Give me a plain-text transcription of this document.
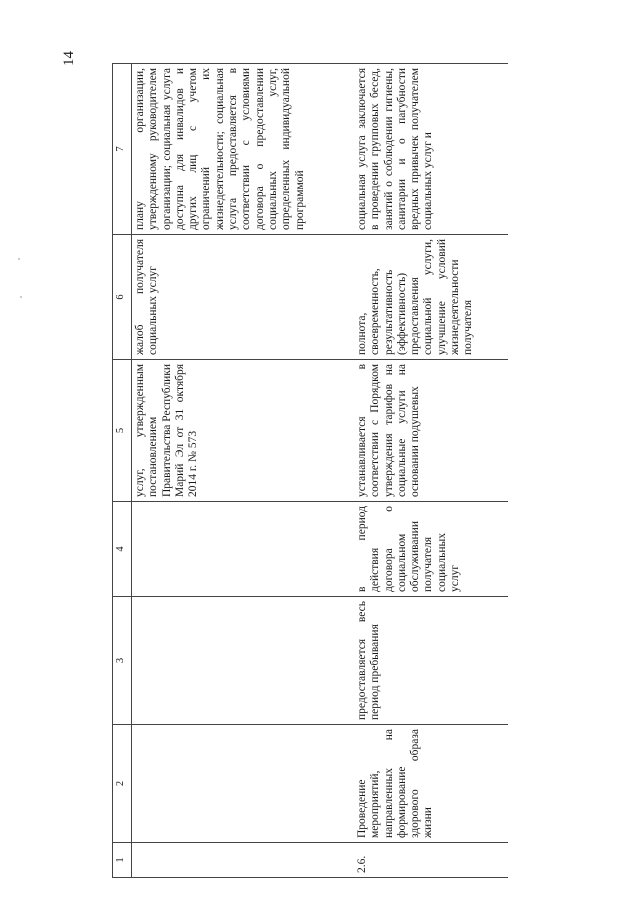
14
1	2	3	4	5	6	7

				услуг, утвержденным постановлением Правительства Республики Марий Эл от 31 октября 2014 г. № 573	жалоб получателя социальных услуг	плану организации, утвержденному руководителем организации; социальная услуга доступна для инвалидов и других лиц с учетом ограничений их жизнедеятельности; социальная услуга предоставляется в соответствии с условиями договора о предоставлении социальных услуг, определенных индивидуальной программой

2.6.	Проведение мероприятий, направленных на формирование здорового образа жизни	предоставляется весь период пребывания	в период действия договора о социальном обслуживании получателя социальных услуг	устанавливается в соответствии с Порядком утверждения тарифов на социальные услуги на основании подушевых	полнота, своевременность, результативность (эффективность) предоставления социальной услуги, улучшение условий жизнедеятельности получателя	социальная услуга заключается в проведении групповых бесед, занятий о соблюдении гигиены, санитарии и о пагубности вредных привычек получателем социальных услуг и
